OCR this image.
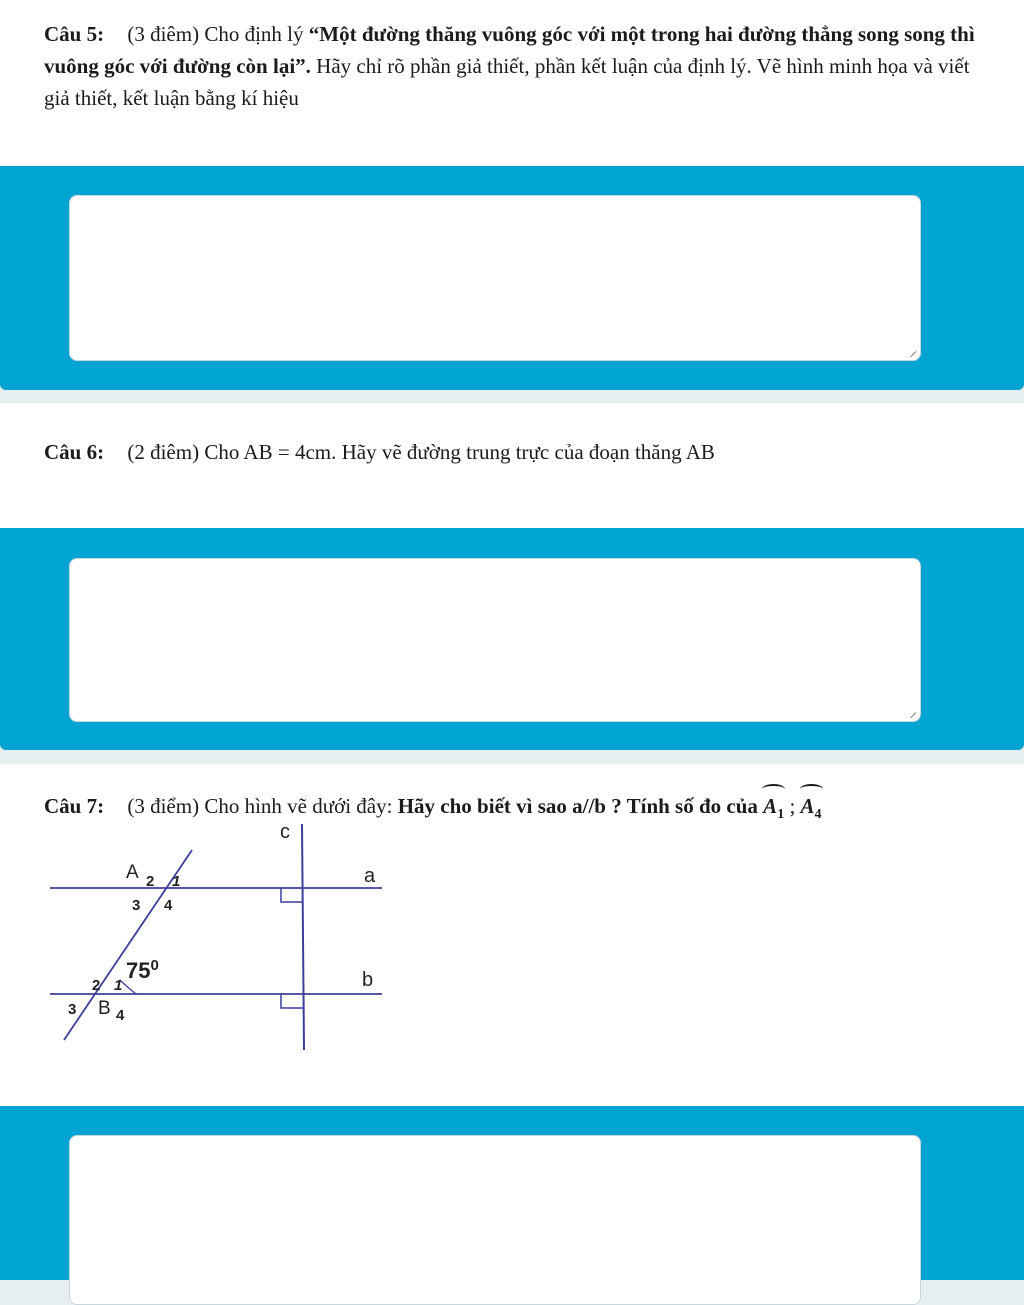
Câu 5: (3 điêm) Cho định lý “Một đường thăng vuông góc với một trong hai đường thẳng song song thì vuông góc với đường còn lại”. Hãy chỉ rõ phần giả thiết, phần kết luận của định lý. Vẽ hình minh họa và viết giả thiết, kết luận bằng kí hiệu
Câu 6: (2 điêm) Cho AB = 4cm. Hãy vẽ đường trung trực của đoạn thăng AB
Câu 7: (3 điểm) Cho hình vẽ dưới đây: Hãy cho biết vì sao a//b ? Tính số đo của $A_1$ ; $A_4$
c
a
b
A 2 1
3 4
$75^0$
2 1
3 B 4
